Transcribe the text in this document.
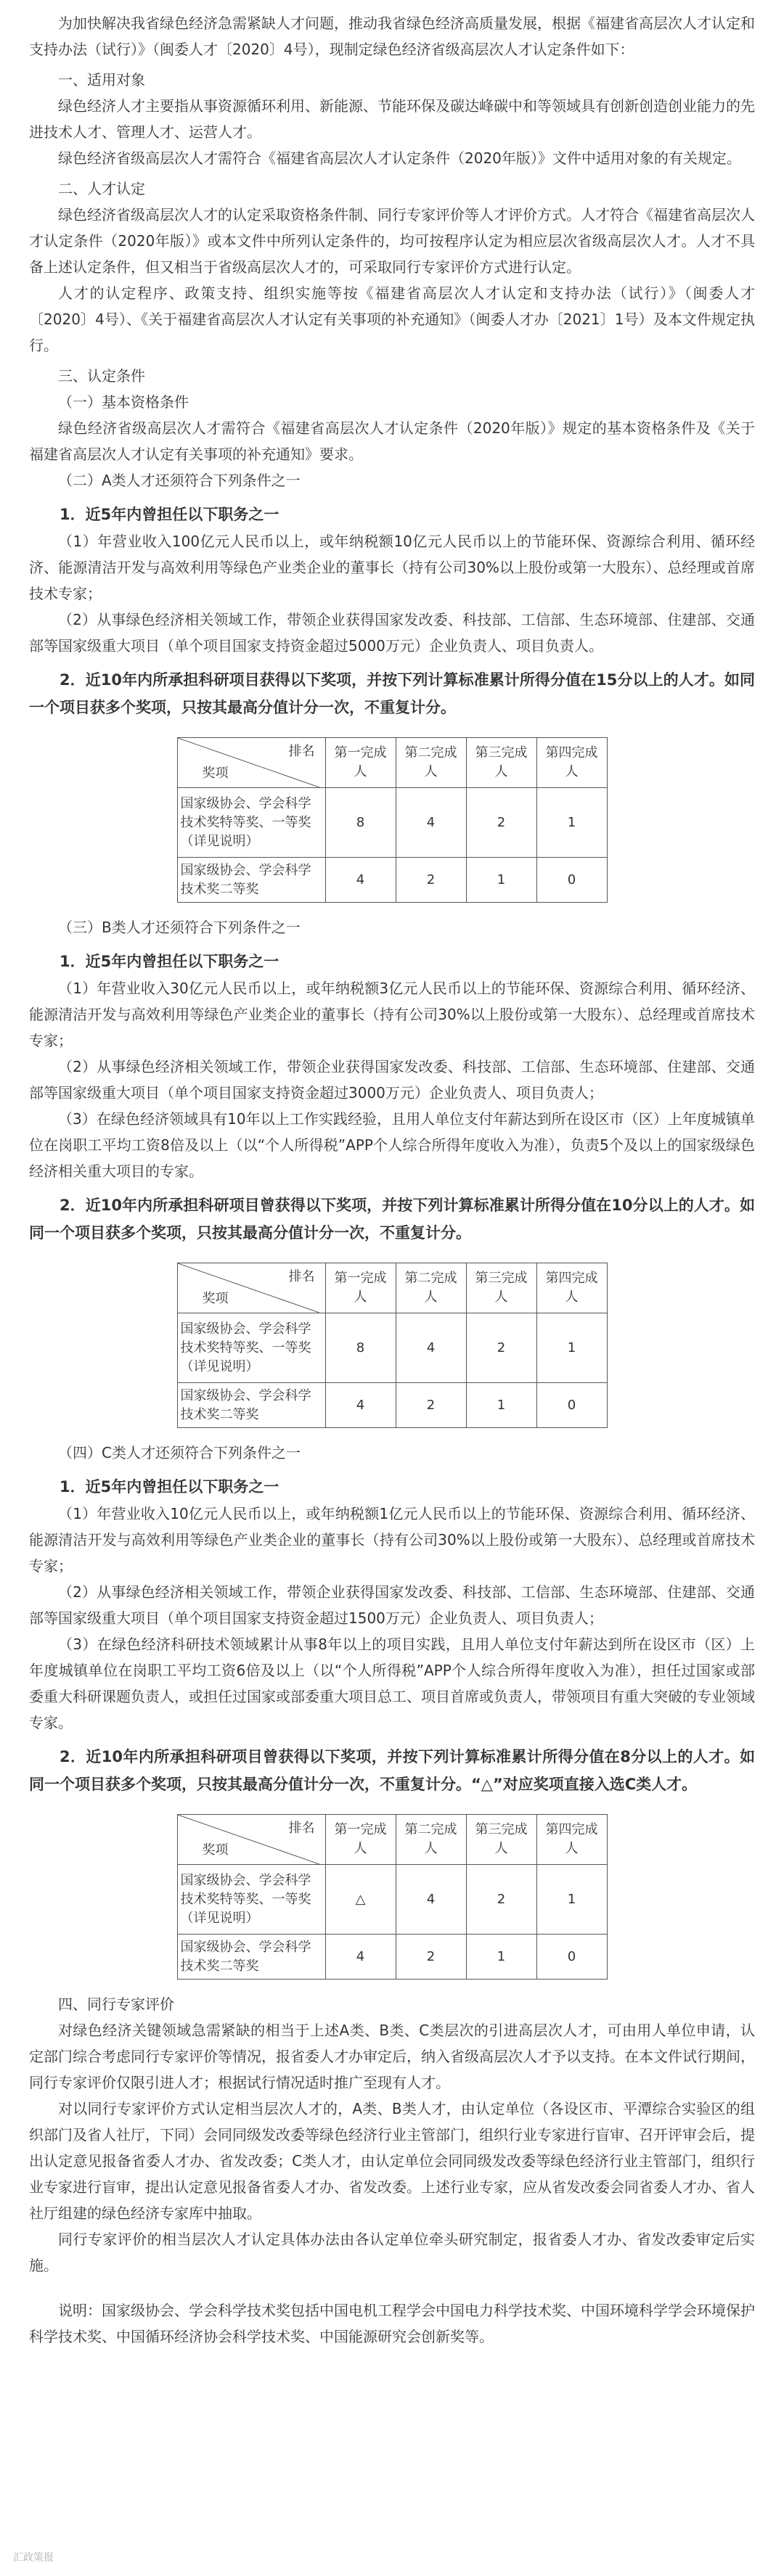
为加快解决我省绿色经济急需紧缺人才问题，推动我省绿色经济高质量发展，根据《福建省高层次人才认定和支持办法（试行）》（闽委人才〔2020〕4号），现制定绿色经济省级高层次人才认定条件如下：

一、适用对象

绿色经济人才主要指从事资源循环利用、新能源、节能环保及碳达峰碳中和等领域具有创新创造创业能力的先进技术人才、管理人才、运营人才。

绿色经济省级高层次人才需符合《福建省高层次人才认定条件（2020年版）》文件中适用对象的有关规定。

二、人才认定

绿色经济省级高层次人才的认定采取资格条件制、同行专家评价等人才评价方式。人才符合《福建省高层次人才认定条件（2020年版）》或本文件中所列认定条件的，均可按程序认定为相应层次省级高层次人才。人才不具备上述认定条件，但又相当于省级高层次人才的，可采取同行专家评价方式进行认定。

人才的认定程序、政策支持、组织实施等按《福建省高层次人才认定和支持办法（试行）》（闽委人才〔2020〕4号）、《关于福建省高层次人才认定有关事项的补充通知》（闽委人才办〔2021〕1号）及本文件规定执行。

三、认定条件

（一）基本资格条件

绿色经济省级高层次人才需符合《福建省高层次人才认定条件（2020年版）》规定的基本资格条件及《关于福建省高层次人才认定有关事项的补充通知》要求。

（二）A类人才还须符合下列条件之一

1．近5年内曾担任以下职务之一

（1）年营业收入100亿元人民币以上，或年纳税额10亿元人民币以上的节能环保、资源综合利用、循环经济、能源清洁开发与高效利用等绿色产业类企业的董事长（持有公司30%以上股份或第一大股东）、总经理或首席技术专家；

（2）从事绿色经济相关领域工作，带领企业获得国家发改委、科技部、工信部、生态环境部、住建部、交通部等国家级重大项目（单个项目国家支持资金超过5000万元）企业负责人、项目负责人。

2．近10年内所承担科研项目获得以下奖项，并按下列计算标准累计所得分值在15分以上的人才。如同一个项目获多个奖项，只按其最高分值计分一次，不重复计分。

排名
奖项	第一完成人	第二完成人	第三完成人	第四完成人
国家级协会、学会科学技术奖特等奖、一等奖（详见说明）	8	4	2	1
国家级协会、学会科学技术奖二等奖	4	2	1	0

（三）B类人才还须符合下列条件之一

1．近5年内曾担任以下职务之一

（1）年营业收入30亿元人民币以上，或年纳税额3亿元人民币以上的节能环保、资源综合利用、循环经济、能源清洁开发与高效利用等绿色产业类企业的董事长（持有公司30%以上股份或第一大股东）、总经理或首席技术专家；

（2）从事绿色经济相关领域工作，带领企业获得国家发改委、科技部、工信部、生态环境部、住建部、交通部等国家级重大项目（单个项目国家支持资金超过3000万元）企业负责人、项目负责人；

（3）在绿色经济领域具有10年以上工作实践经验，且用人单位支付年薪达到所在设区市（区）上年度城镇单位在岗职工平均工资8倍及以上（以“个人所得税”APP个人综合所得年度收入为准），负责5个及以上的国家级绿色经济相关重大项目的专家。

2．近10年内所承担科研项目曾获得以下奖项，并按下列计算标准累计所得分值在10分以上的人才。如同一个项目获多个奖项，只按其最高分值计分一次，不重复计分。

排名
奖项	第一完成人	第二完成人	第三完成人	第四完成人
国家级协会、学会科学技术奖特等奖、一等奖（详见说明）	8	4	2	1
国家级协会、学会科学技术奖二等奖	4	2	1	0

（四）C类人才还须符合下列条件之一

1．近5年内曾担任以下职务之一

（1）年营业收入10亿元人民币以上，或年纳税额1亿元人民币以上的节能环保、资源综合利用、循环经济、能源清洁开发与高效利用等绿色产业类企业的董事长（持有公司30%以上股份或第一大股东）、总经理或首席技术专家；

（2）从事绿色经济相关领域工作，带领企业获得国家发改委、科技部、工信部、生态环境部、住建部、交通部等国家级重大项目（单个项目国家支持资金超过1500万元）企业负责人、项目负责人；

（3）在绿色经济科研技术领域累计从事8年以上的项目实践，且用人单位支付年薪达到所在设区市（区）上年度城镇单位在岗职工平均工资6倍及以上（以“个人所得税”APP个人综合所得年度收入为准），担任过国家或部委重大科研课题负责人，或担任过国家或部委重大项目总工、项目首席或负责人，带领项目有重大突破的专业领域专家。

2．近10年内所承担科研项目曾获得以下奖项，并按下列计算标准累计所得分值在8分以上的人才。如同一个项目获多个奖项，只按其最高分值计分一次，不重复计分。“△”对应奖项直接入选C类人才。

排名
奖项	第一完成人	第二完成人	第三完成人	第四完成人
国家级协会、学会科学技术奖特等奖、一等奖（详见说明）	△	4	2	1
国家级协会、学会科学技术奖二等奖	4	2	1	0

四、同行专家评价

对绿色经济关键领域急需紧缺的相当于上述A类、B类、C类层次的引进高层次人才，可由用人单位申请，认定部门综合考虑同行专家评价等情况，报省委人才办审定后，纳入省级高层次人才予以支持。在本文件试行期间，同行专家评价仅限引进人才；根据试行情况适时推广至现有人才。

对以同行专家评价方式认定相当层次人才的，A类、B类人才，由认定单位（各设区市、平潭综合实验区的组织部门及省人社厅，下同）会同同级发改委等绿色经济行业主管部门，组织行业专家进行盲审、召开评审会后，提出认定意见报备省委人才办、省发改委；C类人才，由认定单位会同同级发改委等绿色经济行业主管部门，组织行业专家进行盲审，提出认定意见报备省委人才办、省发改委。上述行业专家，应从省发改委会同省委人才办、省人社厅组建的绿色经济专家库中抽取。

同行专家评价的相当层次人才认定具体办法由各认定单位牵头研究制定，报省委人才办、省发改委审定后实施。

说明：国家级协会、学会科学技术奖包括中国电机工程学会中国电力科学技术奖、中国环境科学学会环境保护科学技术奖、中国循环经济协会科学技术奖、中国能源研究会创新奖等。

汇政策报
